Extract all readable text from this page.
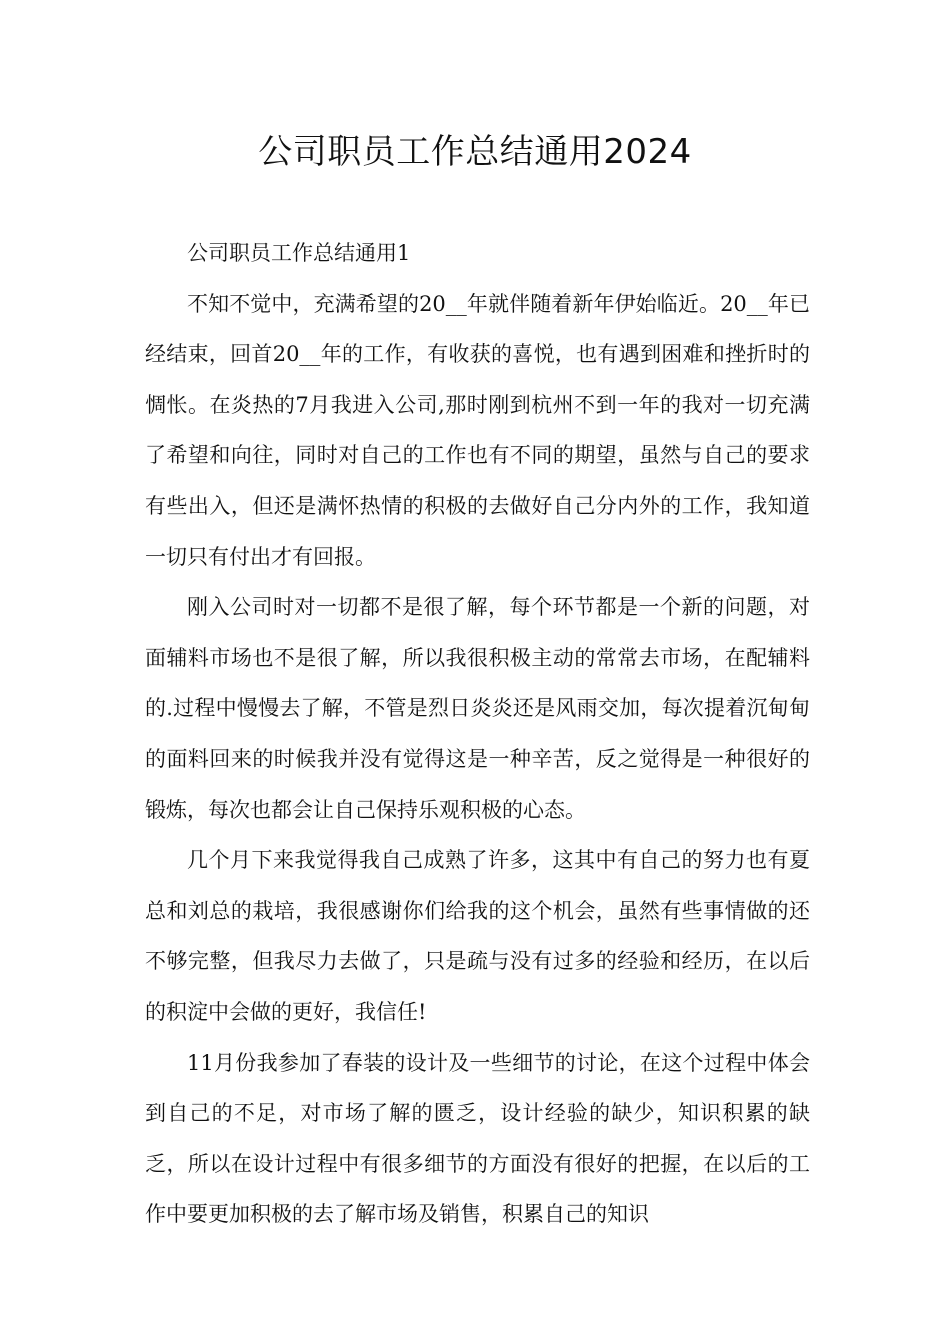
公司职员工作总结通用2024

公司职员工作总结通用1

不知不觉中，充满希望的20__年就伴随着新年伊始临近。20__年已经结束，回首20__年的工作，有收获的喜悦，也有遇到困难和挫折时的惆怅。在炎热的7月我进入公司,那时刚到杭州不到一年的我对一切充满了希望和向往，同时对自己的工作也有不同的期望，虽然与自己的要求有些出入，但还是满怀热情的积极的去做好自己分内外的工作，我知道一切只有付出才有回报。

刚入公司时对一切都不是很了解，每个环节都是一个新的问题，对面辅料市场也不是很了解，所以我很积极主动的常常去市场，在配辅料的.过程中慢慢去了解，不管是烈日炎炎还是风雨交加，每次提着沉甸甸的面料回来的时候我并没有觉得这是一种辛苦，反之觉得是一种很好的锻炼，每次也都会让自己保持乐观积极的心态。

几个月下来我觉得我自己成熟了许多，这其中有自己的努力也有夏总和刘总的栽培，我很感谢你们给我的这个机会，虽然有些事情做的还不够完整，但我尽力去做了，只是疏与没有过多的经验和经历，在以后的积淀中会做的更好，我信任!

11月份我参加了春装的设计及一些细节的讨论，在这个过程中体会到自己的不足，对市场了解的匮乏，设计经验的缺少，知识积累的缺乏，所以在设计过程中有很多细节的方面没有很好的把握，在以后的工作中要更加积极的去了解市场及销售，积累自己的知识
